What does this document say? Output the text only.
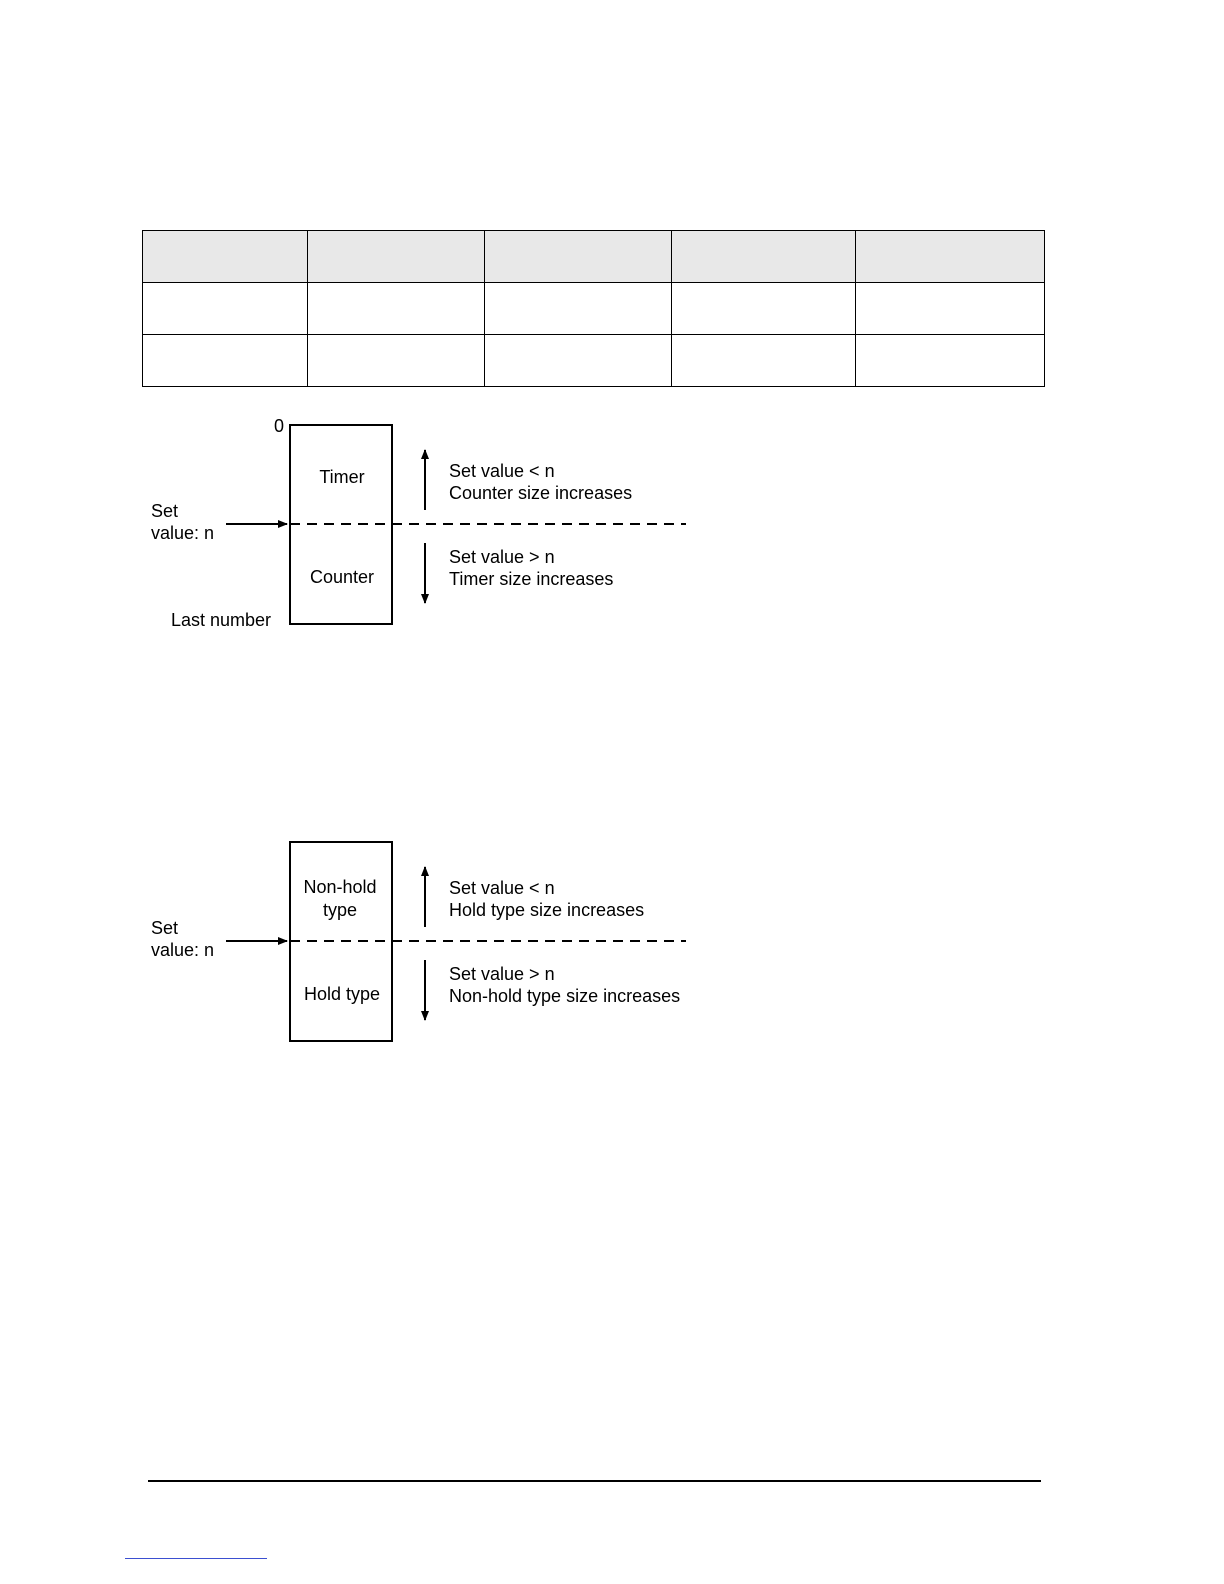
0
Timer
Counter
Set
value: n
Last number
Set value < n
Counter size increases
Set value > n
Timer size increases
Non-hold
type
Hold type
Set
value: n
Set value < n
Hold type size increases
Set value > n
Non-hold type size increases
